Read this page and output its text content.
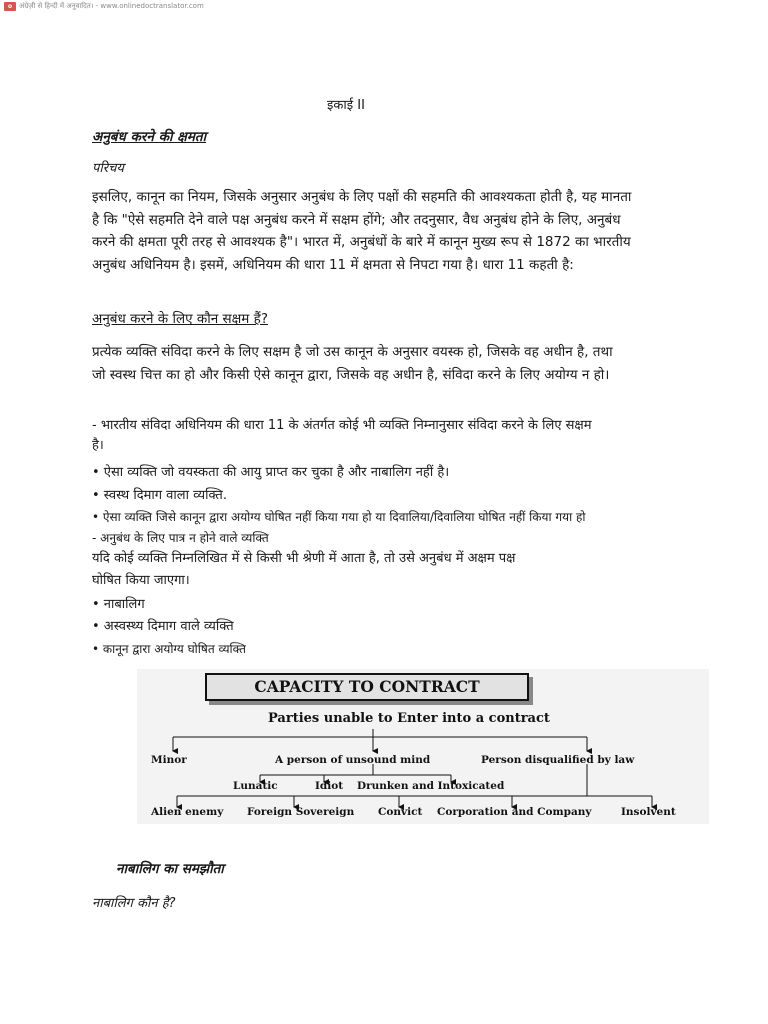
o अंग्रेज़ी से हिन्दी में अनुवादित। - www.onlinedoctranslator.com
इकाई II
अनुबंध करने की क्षमता
परिचय
इसलिए, कानून का नियम, जिसके अनुसार अनुबंध के लिए पक्षों की सहमति की आवश्यकता होती है, यह मानता
है कि "ऐसे सहमति देने वाले पक्ष अनुबंध करने में सक्षम होंगे; और तदनुसार, वैध अनुबंध होने के लिए, अनुबंध
करने की क्षमता पूरी तरह से आवश्यक है"। भारत में, अनुबंधों के बारे में कानून मुख्य रूप से 1872 का भारतीय
अनुबंध अधिनियम है। इसमें, अधिनियम की धारा 11 में क्षमता से निपटा गया है। धारा 11 कहती है:
अनुबंध करने के लिए कौन सक्षम हैं?
प्रत्येक व्यक्ति संविदा करने के लिए सक्षम है जो उस कानून के अनुसार वयस्क हो, जिसके वह अधीन है, तथा
जो स्वस्थ चित्त का हो और किसी ऐसे कानून द्वारा, जिसके वह अधीन है, संविदा करने के लिए अयोग्य न हो।
- भारतीय संविदा अधिनियम की धारा 11 के अंतर्गत कोई भी व्यक्ति निम्नानुसार संविदा करने के लिए सक्षम
है।
• ऐसा व्यक्ति जो वयस्कता की आयु प्राप्त कर चुका है और नाबालिग नहीं है।
• स्वस्थ दिमाग वाला व्यक्ति.
• ऐसा व्यक्ति जिसे कानून द्वारा अयोग्य घोषित नहीं किया गया हो या दिवालिया/दिवालिया घोषित नहीं किया गया हो
- अनुबंध के लिए पात्र न होने वाले व्यक्ति
यदि कोई व्यक्ति निम्नलिखित में से किसी भी श्रेणी में आता है, तो उसे अनुबंध में अक्षम पक्ष
घोषित किया जाएगा।
• नाबालिग
• अस्वस्थ्य दिमाग वाले व्यक्ति
• कानून द्वारा अयोग्य घोषित व्यक्ति
CAPACITY TO CONTRACT
Parties unable to Enter into a contract
Minor	A person of unsound mind	Person disqualified by law
Lunatic	Idiot Drunken and Intoxicated
Alien enemy Foreign Sovereign Convict Corporation and Company	Insolvent
नाबालिग का समझौता
नाबालिग कौन है?
